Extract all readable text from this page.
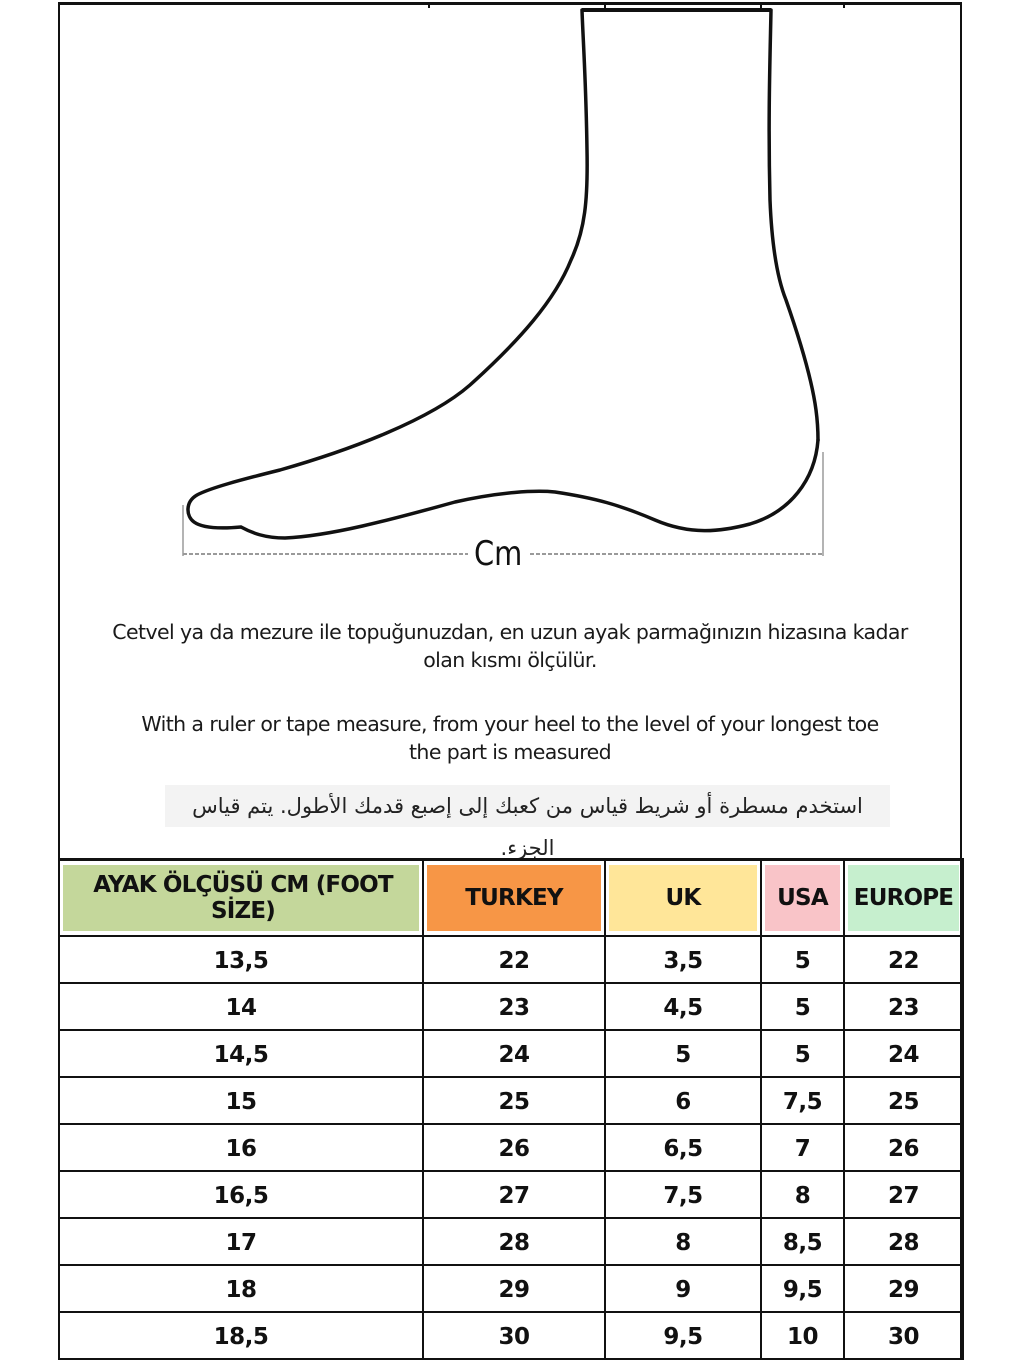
Cm
Cetvel ya da mezure ile topuğunuzdan, en uzun ayak parmağınızın hizasına kadar
olan kısmı ölçülür.
With a ruler or tape measure, from your heel to the level of your longest toe
the part is measured
استخدم مسطرة أو شريط قياس من كعبك إلى إصبع قدمك الأطول. يتم قياس الجزء.
AYAK ÖLÇÜSÜ CM (FOOT SİZE)	TURKEY	UK	USA	EUROPE

13,5	22	3,5	5	22
14	23	4,5	5	23
14,5	24	5	5	24
15	25	6	7,5	25
16	26	6,5	7	26
16,5	27	7,5	8	27
17	28	8	8,5	28
18	29	9	9,5	29
18,5	30	9,5	10	30
